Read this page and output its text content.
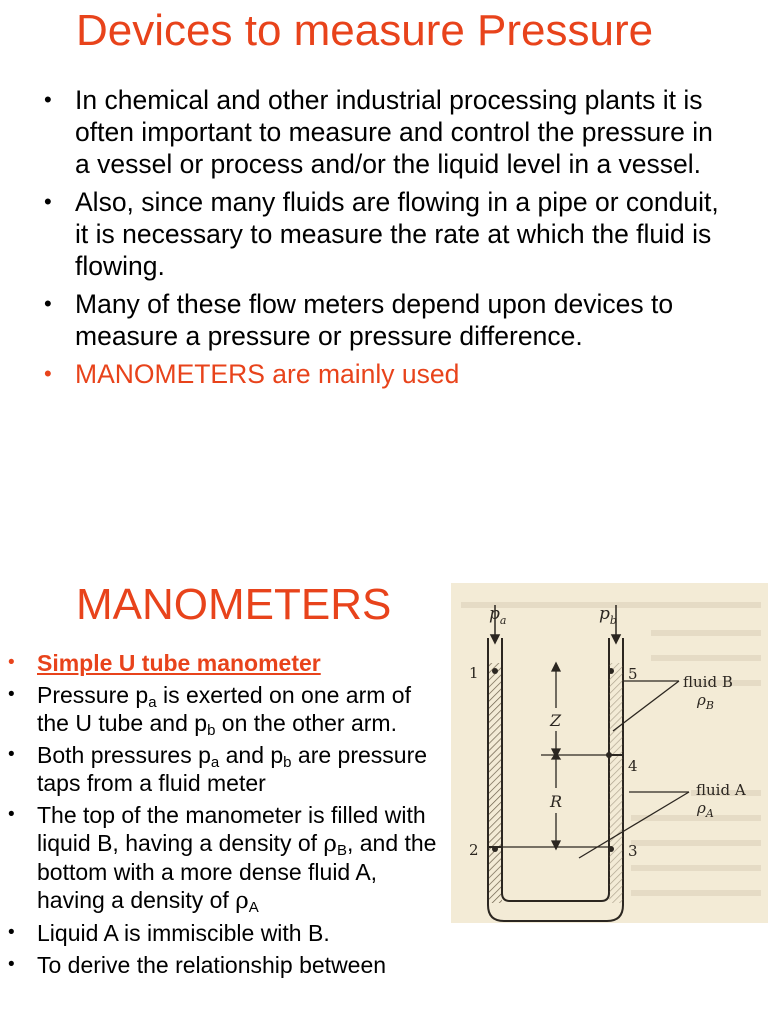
Devices to measure Pressure
• In chemical and other industrial processing plants it is often important to measure and control the pressure in a vessel or process and/or the liquid level in a vessel.
• Also, since many fluids are flowing in a pipe or conduit, it is necessary to measure the rate at which the fluid is flowing.
• Many of these flow meters depend upon devices to measure a pressure or pressure difference.
• MANOMETERS are mainly used
MANOMETERS
• Simple U tube manometer
• Pressure $p_a$ is exerted on one arm of the U tube and $p_b$ on the other arm.
• Both pressures $p_a$ and $p_b$ are pressure taps from a fluid meter
• The top of the manometer is filled with liquid B, having a density of $\rho_B$, and the bottom with a more dense fluid A, having a density of $\rho_A$
• Liquid A is immiscible with B.
• To derive the relationship between
$p_a$	$p_b$
Z
R
1
2	3
4
5	fluid B
$\rho_B$
fluid A
$\rho_A$
